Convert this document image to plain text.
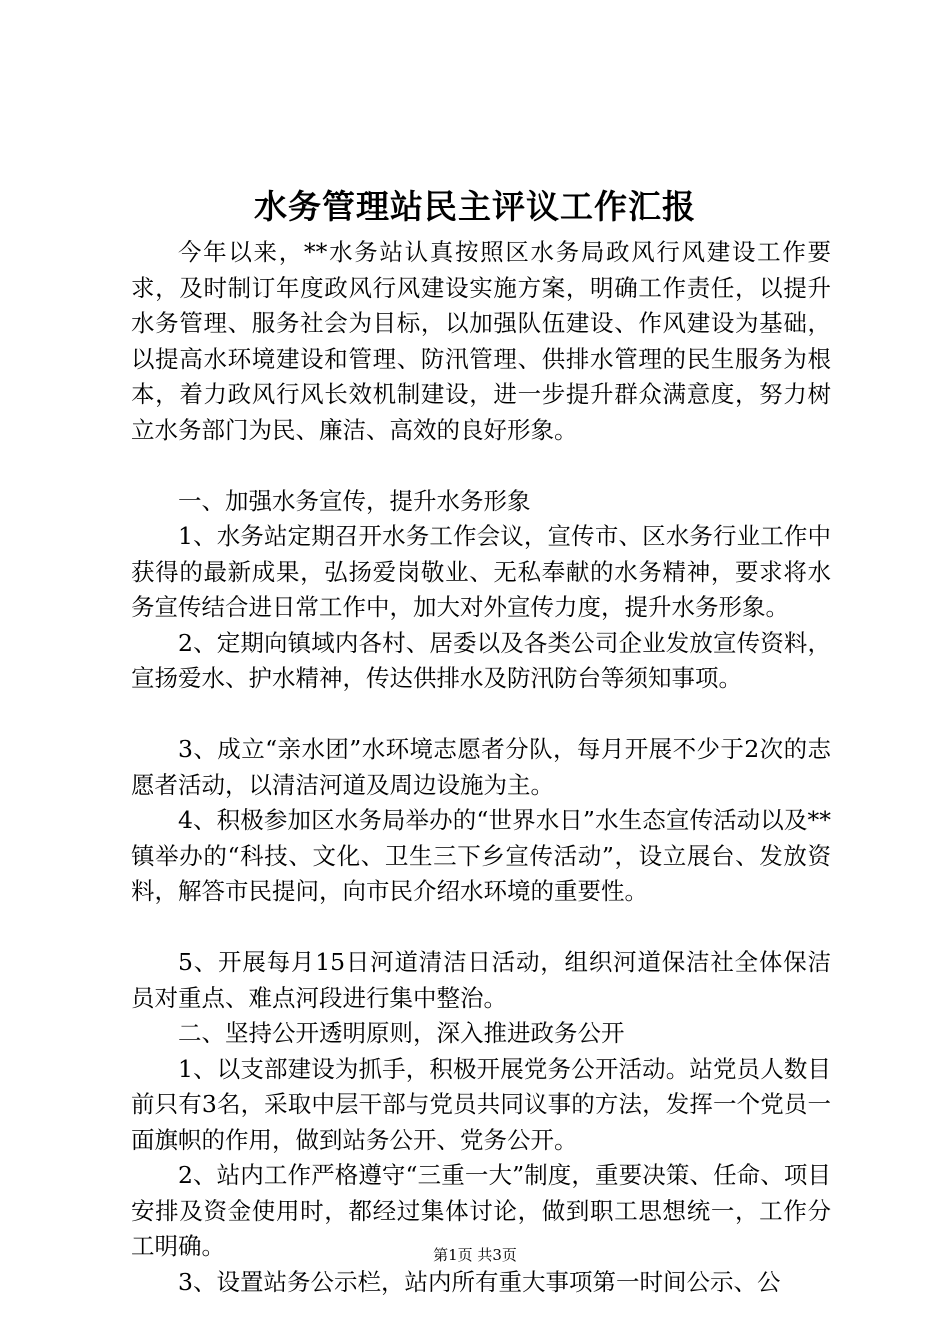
水务管理站民主评议工作汇报

今年以来，**水务站认真按照区水务局政风行风建设工作要求，及时制订年度政风行风建设实施方案，明确工作责任，以提升水务管理、服务社会为目标，以加强队伍建设、作风建设为基础，以提高水环境建设和管理、防汛管理、供排水管理的民生服务为根本，着力政风行风长效机制建设，进一步提升群众满意度，努力树立水务部门为民、廉洁、高效的良好形象。

一、加强水务宣传，提升水务形象

1、水务站定期召开水务工作会议，宣传市、区水务行业工作中获得的最新成果，弘扬爱岗敬业、无私奉献的水务精神，要求将水务宣传结合进日常工作中，加大对外宣传力度，提升水务形象。

2、定期向镇域内各村、居委以及各类公司企业发放宣传资料，宣扬爱水、护水精神，传达供排水及防汛防台等须知事项。

3、成立“亲水团”水环境志愿者分队，每月开展不少于2次的志愿者活动，以清洁河道及周边设施为主。

4、积极参加区水务局举办的“世界水日”水生态宣传活动以及**镇举办的“科技、文化、卫生三下乡宣传活动”，设立展台、发放资料，解答市民提问，向市民介绍水环境的重要性。

5、开展每月15日河道清洁日活动，组织河道保洁社全体保洁员对重点、难点河段进行集中整治。

二、坚持公开透明原则，深入推进政务公开

1、以支部建设为抓手，积极开展党务公开活动。站党员人数目前只有3名，采取中层干部与党员共同议事的方法，发挥一个党员一面旗帜的作用，做到站务公开、党务公开。

2、站内工作严格遵守“三重一大”制度，重要决策、任命、项目安排及资金使用时，都经过集体讨论，做到职工思想统一，工作分工明确。

3、设置站务公示栏，站内所有重大事项第一时间公示、公

第1页 共3页
